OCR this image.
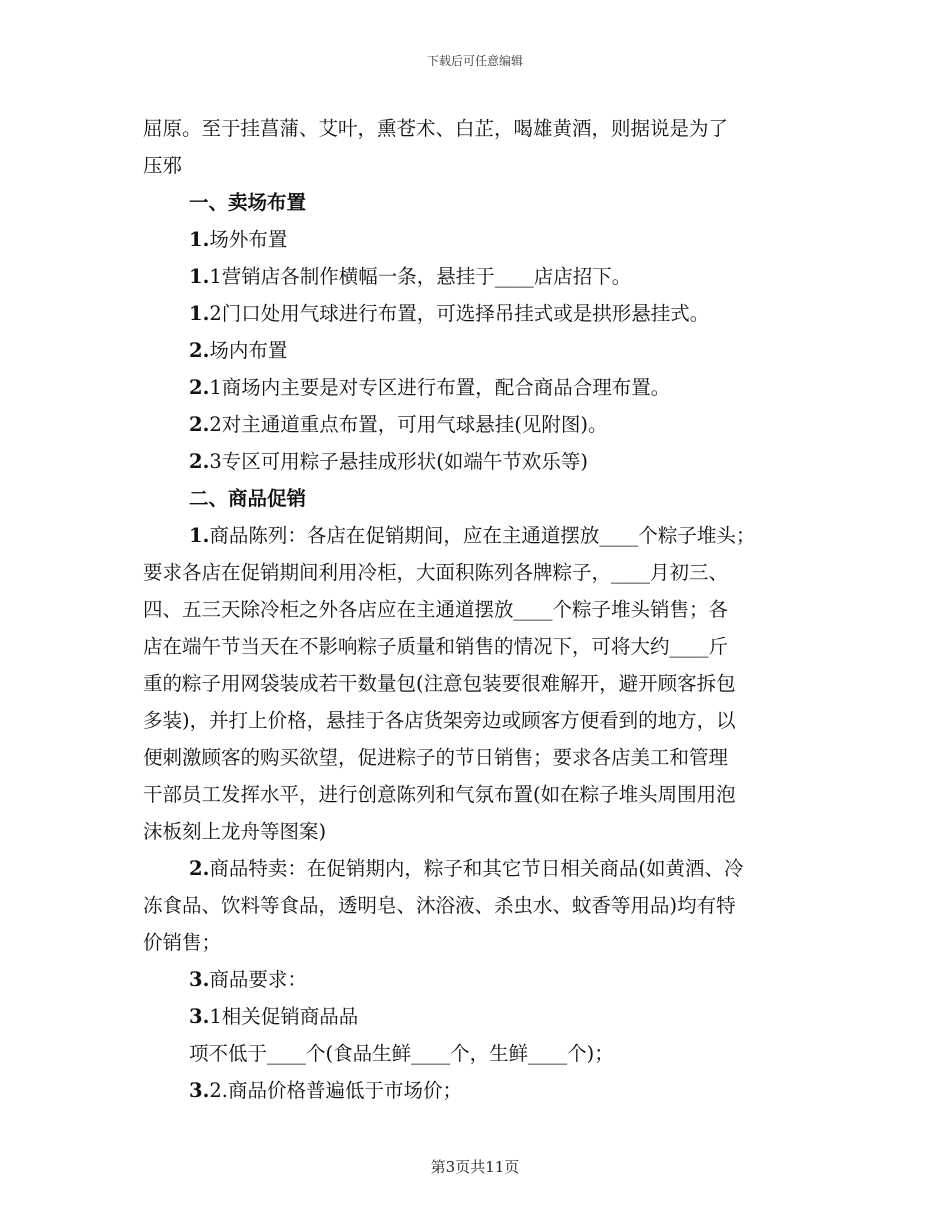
下载后可任意编辑
屈原。至于挂菖蒲、艾叶，熏苍术、白芷，喝雄黄酒，则据说是为了
压邪
一、卖场布置
1.场外布置
1.1营销店各制作横幅一条，悬挂于____店店招下。
1.2门口处用气球进行布置，可选择吊挂式或是拱形悬挂式。
2.场内布置
2.1商场内主要是对专区进行布置，配合商品合理布置。
2.2对主通道重点布置，可用气球悬挂(见附图)。
2.3专区可用粽子悬挂成形状(如端午节欢乐等)
二、商品促销
1.商品陈列：各店在促销期间，应在主通道摆放____个粽子堆头；
要求各店在促销期间利用冷柜，大面积陈列各牌粽子，____月初三、
四、五三天除冷柜之外各店应在主通道摆放____个粽子堆头销售；各
店在端午节当天在不影响粽子质量和销售的情况下，可将大约____斤
重的粽子用网袋装成若干数量包(注意包装要很难解开，避开顾客拆包
多装)，并打上价格，悬挂于各店货架旁边或顾客方便看到的地方，以
便刺激顾客的购买欲望，促进粽子的节日销售；要求各店美工和管理
干部员工发挥水平，进行创意陈列和气氛布置(如在粽子堆头周围用泡
沫板刻上龙舟等图案)
2.商品特卖：在促销期内，粽子和其它节日相关商品(如黄酒、冷
冻食品、饮料等食品，透明皂、沐浴液、杀虫水、蚊香等用品)均有特
价销售；
3.商品要求：
3.1相关促销商品品
项不低于____个(食品生鲜____个，生鲜____个)；
3.2.商品价格普遍低于市场价；
第3页共11页
